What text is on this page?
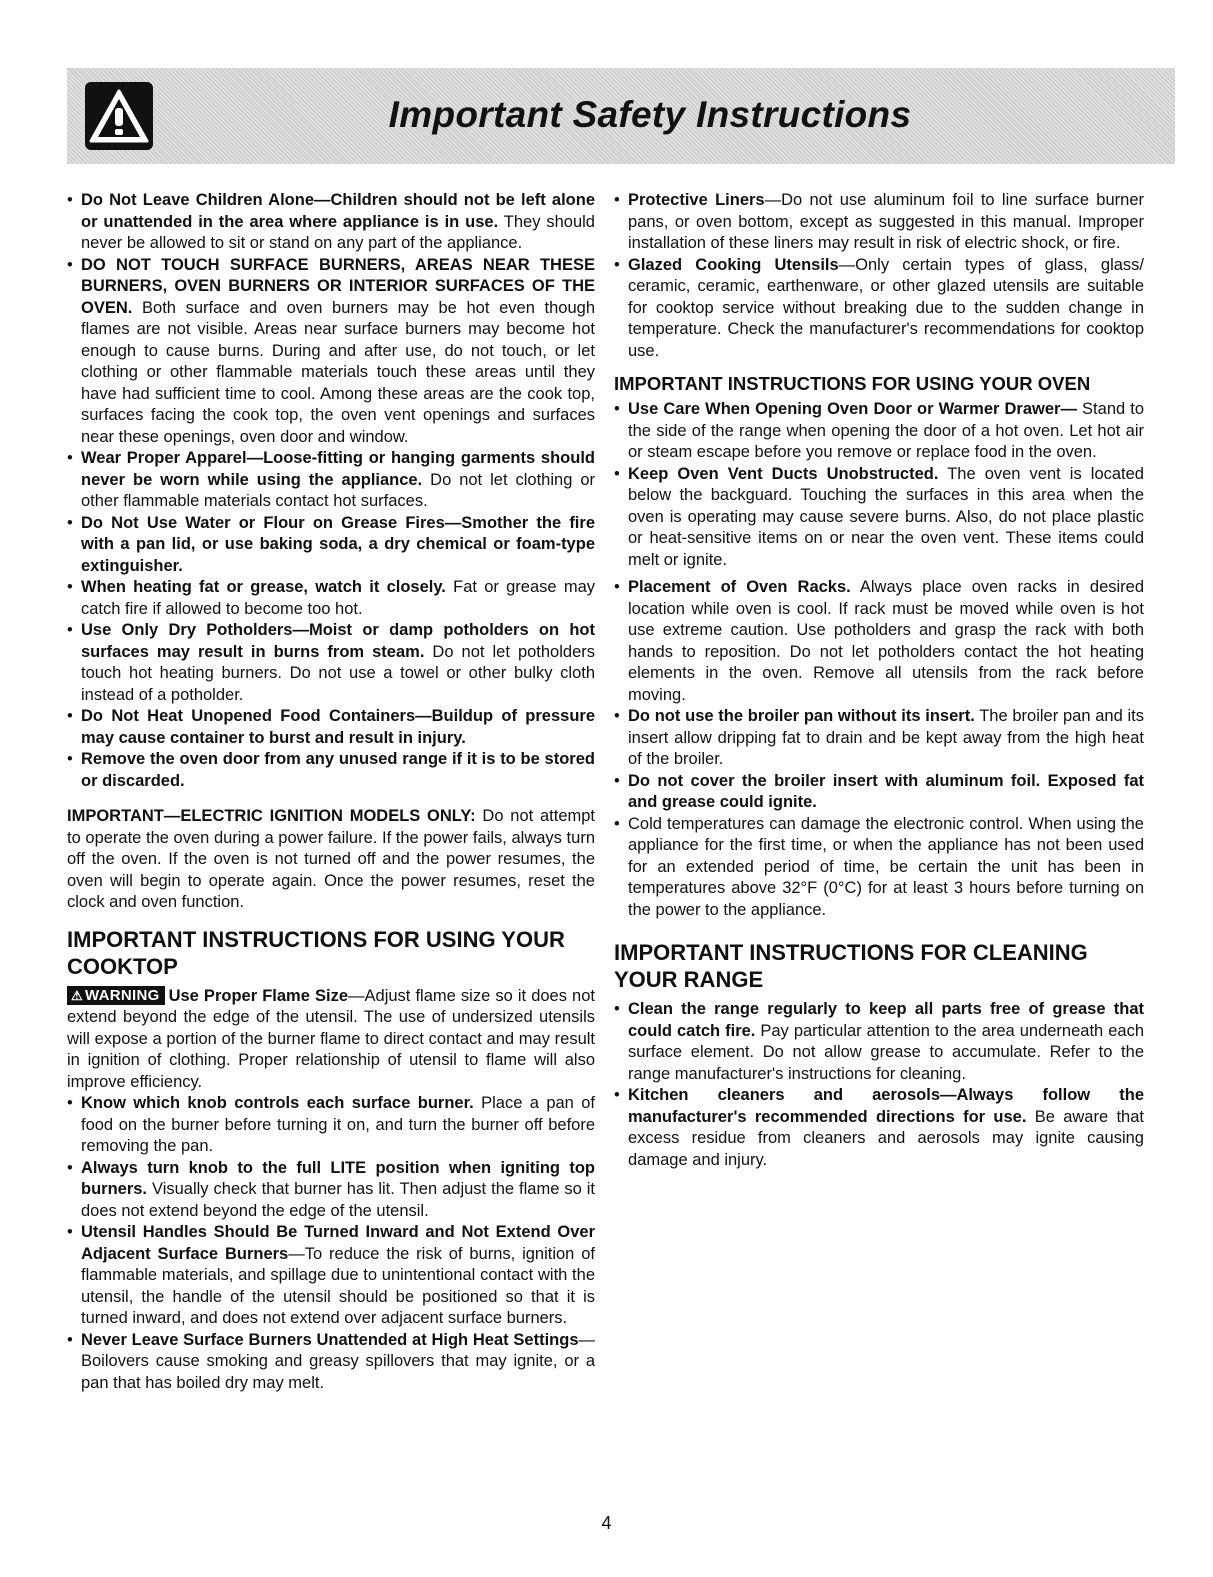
Important Safety Instructions
• Do Not Leave Children Alone—Children should not be left alone or unattended in the area where appliance is in use. They should never be allowed to sit or stand on any part of the appliance.
• DO NOT TOUCH SURFACE BURNERS, AREAS NEAR THESE BURNERS, OVEN BURNERS OR INTERIOR SURFACES OF THE OVEN. Both surface and oven burners may be hot even though flames are not visible. Areas near surface burners may become hot enough to cause burns. During and after use, do not touch, or let clothing or other flammable materials touch these areas until they have had sufficient time to cool. Among these areas are the cook top, surfaces facing the cook top, the oven vent openings and surfaces near these openings, oven door and window.
• Wear Proper Apparel—Loose-fitting or hanging garments should never be worn while using the appliance. Do not let clothing or other flammable materials contact hot surfaces.
• Do Not Use Water or Flour on Grease Fires—Smother the fire with a pan lid, or use baking soda, a dry chemical or foam-type extinguisher.
• When heating fat or grease, watch it closely. Fat or grease may catch fire if allowed to become too hot.
• Use Only Dry Potholders—Moist or damp potholders on hot surfaces may result in burns from steam. Do not let potholders touch hot heating burners. Do not use a towel or other bulky cloth instead of a potholder.
• Do Not Heat Unopened Food Containers—Buildup of pressure may cause container to burst and result in injury.
• Remove the oven door from any unused range if it is to be stored or discarded.
IMPORTANT—ELECTRIC IGNITION MODELS ONLY: Do not attempt to operate the oven during a power failure. If the power fails, always turn off the oven. If the oven is not turned off and the power resumes, the oven will begin to operate again. Once the power resumes, reset the clock and oven function.
IMPORTANT INSTRUCTIONS FOR USING YOUR COOKTOP
⚠ WARNING Use Proper Flame Size—Adjust flame size so it does not extend beyond the edge of the utensil. The use of undersized utensils will expose a portion of the burner flame to direct contact and may result in ignition of clothing. Proper relationship of utensil to flame will also improve efficiency.
• Know which knob controls each surface burner. Place a pan of food on the burner before turning it on, and turn the burner off before removing the pan.
• Always turn knob to the full LITE position when igniting top burners. Visually check that burner has lit. Then adjust the flame so it does not extend beyond the edge of the utensil.
• Utensil Handles Should Be Turned Inward and Not Extend Over Adjacent Surface Burners—To reduce the risk of burns, ignition of flammable materials, and spillage due to unintentional contact with the utensil, the handle of the utensil should be positioned so that it is turned inward, and does not extend over adjacent surface burners.
• Never Leave Surface Burners Unattended at High Heat Settings—Boilovers cause smoking and greasy spillovers that may ignite, or a pan that has boiled dry may melt.
• Protective Liners—Do not use aluminum foil to line surface burner pans, or oven bottom, except as suggested in this manual. Improper installation of these liners may result in risk of electric shock, or fire.
• Glazed Cooking Utensils—Only certain types of glass, glass/ ceramic, ceramic, earthenware, or other glazed utensils are suitable for cooktop service without breaking due to the sudden change in temperature. Check the manufacturer's recommendations for cooktop use.
IMPORTANT INSTRUCTIONS FOR USING YOUR OVEN
• Use Care When Opening Oven Door or Warmer Drawer— Stand to the side of the range when opening the door of a hot oven. Let hot air or steam escape before you remove or replace food in the oven.
• Keep Oven Vent Ducts Unobstructed. The oven vent is located below the backguard. Touching the surfaces in this area when the oven is operating may cause severe burns. Also, do not place plastic or heat-sensitive items on or near the oven vent. These items could melt or ignite.
• Placement of Oven Racks. Always place oven racks in desired location while oven is cool. If rack must be moved while oven is hot use extreme caution. Use potholders and grasp the rack with both hands to reposition. Do not let potholders contact the hot heating elements in the oven. Remove all utensils from the rack before moving.
• Do not use the broiler pan without its insert. The broiler pan and its insert allow dripping fat to drain and be kept away from the high heat of the broiler.
• Do not cover the broiler insert with aluminum foil. Exposed fat and grease could ignite.
• Cold temperatures can damage the electronic control. When using the appliance for the first time, or when the appliance has not been used for an extended period of time, be certain the unit has been in temperatures above 32°F (0°C) for at least 3 hours before turning on the power to the appliance.
IMPORTANT INSTRUCTIONS FOR CLEANING YOUR RANGE
• Clean the range regularly to keep all parts free of grease that could catch fire. Pay particular attention to the area underneath each surface element. Do not allow grease to accumulate. Refer to the range manufacturer's instructions for cleaning.
• Kitchen cleaners and aerosols—Always follow the manufacturer's recommended directions for use. Be aware that excess residue from cleaners and aerosols may ignite causing damage and injury.
4
